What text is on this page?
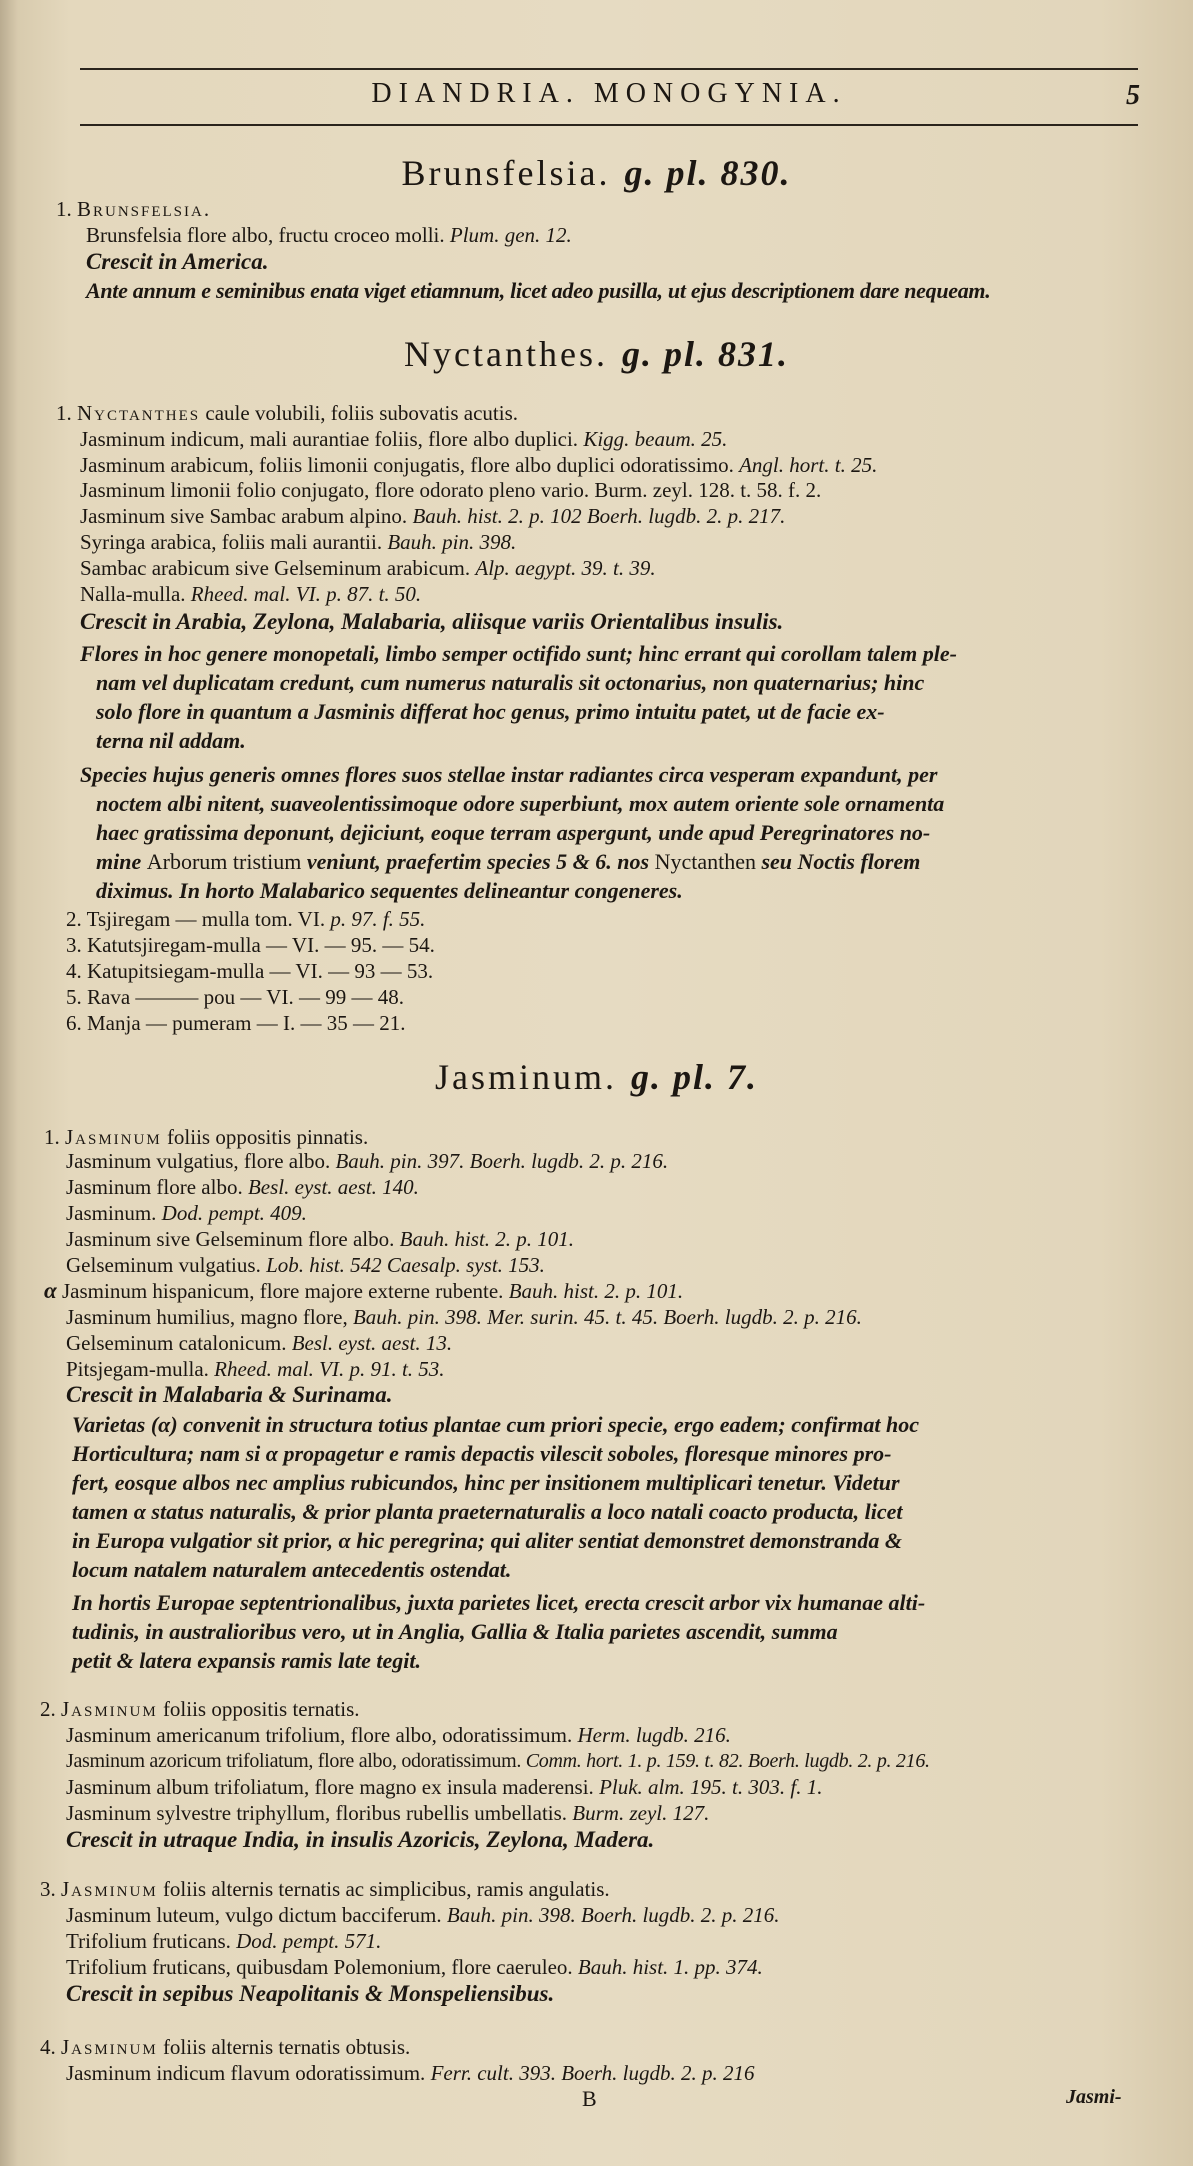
DIANDRIA. MONOGYNIA.	5
Brunsfelsia. g. pl. 830.
1. Brunsfelsia.
Brunsfelsia flore albo, fructu croceo molli. Plum. gen. 12.
Crescit in America.
Ante annum e seminibus enata viget etiamnum, licet adeo pusilla, ut ejus descriptionem dare nequeam.
Nyctanthes. g. pl. 831.
1. Nyctanthes caule volubili, foliis subovatis acutis.
Jasminum indicum, mali aurantiae foliis, flore albo duplici. Kigg. beaum. 25.
Jasminum arabicum, foliis limonii conjugatis, flore albo duplici odoratissimo. Angl. hort. t. 25.
Jasminum limonii folio conjugato, flore odorato pleno vario. Burm. zeyl. 128. t. 58. f. 2.
Jasminum sive Sambac arabum alpino. Bauh. hist. 2. p. 102 Boerh. lugdb. 2. p. 217.
Syringa arabica, foliis mali aurantii. Bauh. pin. 398.
Sambac arabicum sive Gelseminum arabicum. Alp. aegypt. 39. t. 39.
Nalla-mulla. Rheed. mal. VI. p. 87. t. 50.
Crescit in Arabia, Zeylona, Malabaria, aliisque variis Orientalibus insulis.
Flores in hoc genere monopetali, limbo semper octifido sunt; hinc errant qui corollam talem ple-
nam vel duplicatam credunt, cum numerus naturalis sit octonarius, non quaternarius; hinc
solo flore in quantum a Jasminis differat hoc genus, primo intuitu patet, ut de facie ex-
terna nil addam.
Species hujus generis omnes flores suos stellae instar radiantes circa vesperam expandunt, per
noctem albi nitent, suaveolentissimoque odore superbiunt, mox autem oriente sole ornamenta
haec gratissima deponunt, dejiciunt, eoque terram aspergunt, unde apud Peregrinatores no-
mine Arborum tristium veniunt, praefertim species 5 & 6. nos Nyctanthen seu Noctis florem
diximus. In horto Malabarico sequentes delineantur congeneres.
2. Tsjiregam — mulla tom. VI. p. 97. f. 55.
3. Katutsjiregam-mulla — VI. — 95. — 54.
4. Katupitsiegam-mulla — VI. — 93 — 53.
5. Rava ——— pou — VI. — 99 — 48.
6. Manja — pumeram — I. — 35 — 21.
Jasminum. g. pl. 7.
1. Jasminum foliis oppositis pinnatis.
Jasminum vulgatius, flore albo. Bauh. pin. 397. Boerh. lugdb. 2. p. 216.
Jasminum flore albo. Besl. eyst. aest. 140.
Jasminum. Dod. pempt. 409.
Jasminum sive Gelseminum flore albo. Bauh. hist. 2. p. 101.
Gelseminum vulgatius. Lob. hist. 542 Caesalp. syst. 153.
α Jasminum hispanicum, flore majore externe rubente. Bauh. hist. 2. p. 101.
Jasminum humilius, magno flore, Bauh. pin. 398. Mer. surin. 45. t. 45. Boerh. lugdb. 2. p. 216.
Gelseminum catalonicum. Besl. eyst. aest. 13.
Pitsjegam-mulla. Rheed. mal. VI. p. 91. t. 53.
Crescit in Malabaria & Surinama.
Varietas (α) convenit in structura totius plantae cum priori specie, ergo eadem; confirmat hoc
Horticultura; nam si α propagetur e ramis depactis vilescit soboles, floresque minores pro-
fert, eosque albos nec amplius rubicundos, hinc per insitionem multiplicari tenetur. Videtur
tamen α status naturalis, & prior planta praeternaturalis a loco natali coacto producta, licet
in Europa vulgatior sit prior, α hic peregrina; qui aliter sentiat demonstret demonstranda &
locum natalem naturalem antecedentis ostendat.
In hortis Europae septentrionalibus, juxta parietes licet, erecta crescit arbor vix humanae alti-
tudinis, in australioribus vero, ut in Anglia, Gallia & Italia parietes ascendit, summa
petit & latera expansis ramis late tegit.
2. Jasminum foliis oppositis ternatis.
Jasminum americanum trifolium, flore albo, odoratissimum. Herm. lugdb. 216.
Jasminum azoricum trifoliatum, flore albo, odoratissimum. Comm. hort. 1. p. 159. t. 82. Boerh. lugdb. 2. p. 216.
Jasminum album trifoliatum, flore magno ex insula maderensi. Pluk. alm. 195. t. 303. f. 1.
Jasminum sylvestre triphyllum, floribus rubellis umbellatis. Burm. zeyl. 127.
Crescit in utraque India, in insulis Azoricis, Zeylona, Madera.
3. Jasminum foliis alternis ternatis ac simplicibus, ramis angulatis.
Jasminum luteum, vulgo dictum bacciferum. Bauh. pin. 398. Boerh. lugdb. 2. p. 216.
Trifolium fruticans. Dod. pempt. 571.
Trifolium fruticans, quibusdam Polemonium, flore caeruleo. Bauh. hist. 1. pp. 374.
Crescit in sepibus Neapolitanis & Monspeliensibus.
4. Jasminum foliis alternis ternatis obtusis.
Jasminum indicum flavum odoratissimum. Ferr. cult. 393. Boerh. lugdb. 2. p. 216
B	Jasmi-
